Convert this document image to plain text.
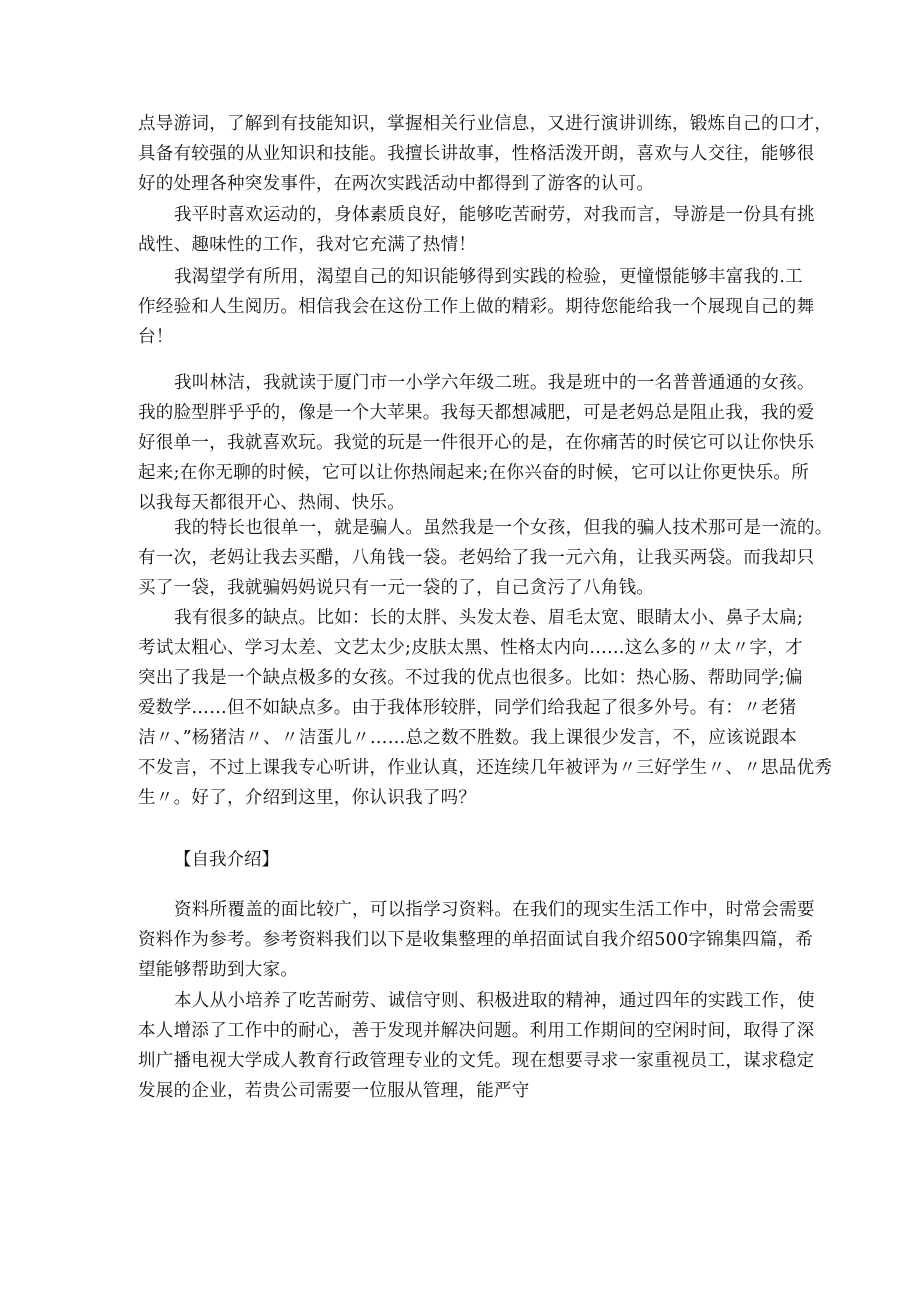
点导游词，了解到有技能知识，掌握相关行业信息，又进行演讲训练，锻炼自己的口才，
具备有较强的从业知识和技能。我擅长讲故事，性格活泼开朗，喜欢与人交往，能够很
好的处理各种突发事件，在两次实践活动中都得到了游客的认可。
我平时喜欢运动的，身体素质良好，能够吃苦耐劳，对我而言，导游是一份具有挑
战性、趣味性的工作，我对它充满了热情！
我渴望学有所用，渴望自己的知识能够得到实践的检验，更憧憬能够丰富我的.工
作经验和人生阅历。相信我会在这份工作上做的精彩。期待您能给我一个展现自己的舞
台！
我叫林洁，我就读于厦门市一小学六年级二班。我是班中的一名普普通通的女孩。
我的脸型胖乎乎的，像是一个大苹果。我每天都想减肥，可是老妈总是阻止我，我的爱
好很单一，我就喜欢玩。我觉的玩是一件很开心的是，在你痛苦的时侯它可以让你快乐
起来;在你无聊的时候，它可以让你热闹起来;在你兴奋的时候，它可以让你更快乐。所
以我每天都很开心、热闹、快乐。
我的特长也很单一，就是骗人。虽然我是一个女孩，但我的骗人技术那可是一流的。
有一次，老妈让我去买醋，八角钱一袋。老妈给了我一元六角，让我买两袋。而我却只
买了一袋，我就骗妈妈说只有一元一袋的了，自己贪污了八角钱。
我有很多的缺点。比如：长的太胖、头发太卷、眉毛太宽、眼睛太小、鼻子太扁;
考试太粗心、学习太差、文艺太少;皮肤太黑、性格太内向……这么多的〃太〃字，才
突出了我是一个缺点极多的女孩。不过我的优点也很多。比如：热心肠、帮助同学;偏
爱数学……但不如缺点多。由于我体形较胖，同学们给我起了很多外号。有：〃老猪
洁〃、”杨猪洁〃、〃洁蛋儿〃……总之数不胜数。我上课很少发言，不，应该说跟本
不发言，不过上课我专心听讲，作业认真，还连续几年被评为〃三好学生〃、〃思品优秀
生〃。好了，介绍到这里，你认识我了吗？
【自我介绍】
资料所覆盖的面比较广，可以指学习资料。在我们的现实生活工作中，时常会需要
资料作为参考。参考资料我们以下是收集整理的单招面试自我介绍500字锦集四篇，希
望能够帮助到大家。
本人从小培养了吃苦耐劳、诚信守则、积极进取的精神，通过四年的实践工作，使
本人增添了工作中的耐心，善于发现并解决问题。利用工作期间的空闲时间，取得了深
圳广播电视大学成人教育行政管理专业的文凭。现在想要寻求一家重视员工，谋求稳定
发展的企业，若贵公司需要一位服从管理，能严守
